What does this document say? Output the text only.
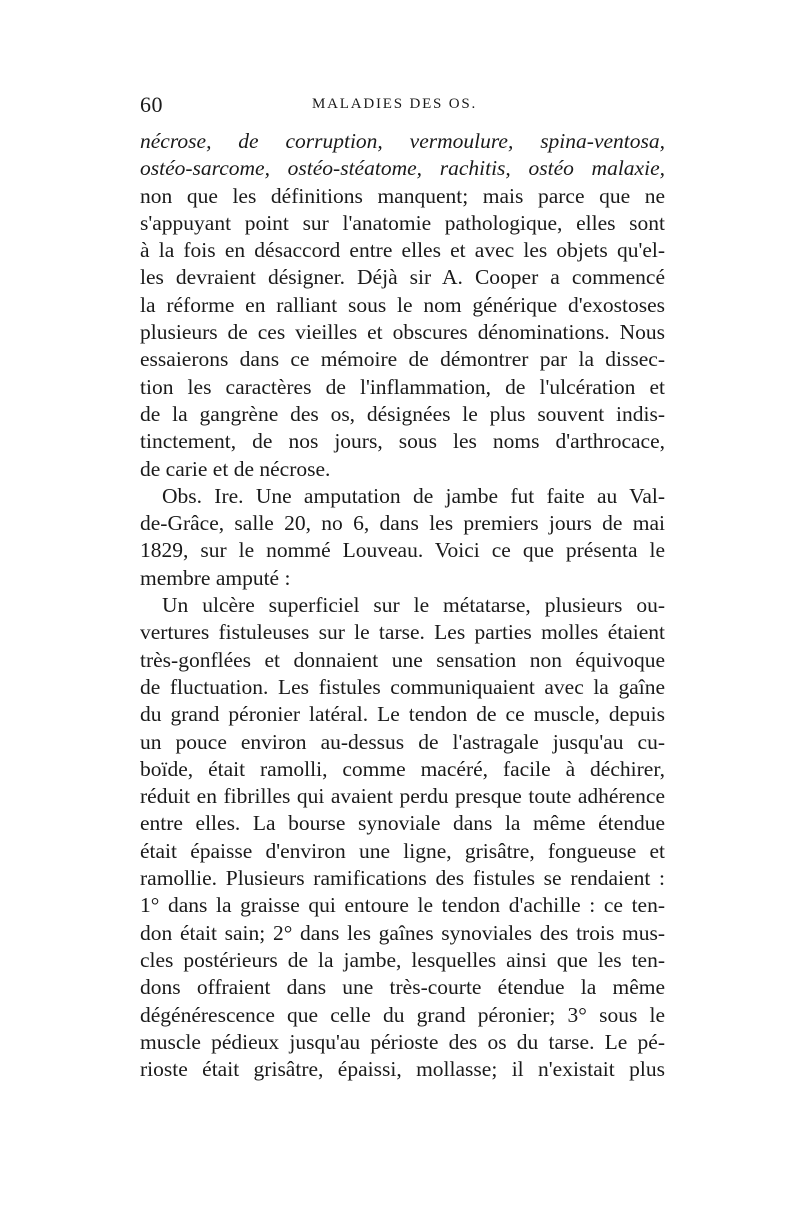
60	MALADIES DES OS.
nécrose, de corruption, vermoulure, spina-ventosa,
ostéo-sarcome, ostéo-stéatome, rachitis, ostéo malaxie,
non que les définitions manquent; mais parce que ne
s'appuyant point sur l'anatomie pathologique, elles sont
à la fois en désaccord entre elles et avec les objets qu'el-
les devraient désigner. Déjà sir A. Cooper a commencé
la réforme en ralliant sous le nom générique d'exostoses
plusieurs de ces vieilles et obscures dénominations. Nous
essaierons dans ce mémoire de démontrer par la dissec-
tion les caractères de l'inflammation, de l'ulcération et
de la gangrène des os, désignées le plus souvent indis-
tinctement, de nos jours, sous les noms d'arthrocace,
de carie et de nécrose.
Obs. Ire. Une amputation de jambe fut faite au Val-
de-Grâce, salle 20, no 6, dans les premiers jours de mai
1829, sur le nommé Louveau. Voici ce que présenta le
membre amputé :
Un ulcère superficiel sur le métatarse, plusieurs ou-
vertures fistuleuses sur le tarse. Les parties molles étaient
très-gonflées et donnaient une sensation non équivoque
de fluctuation. Les fistules communiquaient avec la gaîne
du grand péronier latéral. Le tendon de ce muscle, depuis
un pouce environ au-dessus de l'astragale jusqu'au cu-
boïde, était ramolli, comme macéré, facile à déchirer,
réduit en fibrilles qui avaient perdu presque toute adhérence
entre elles. La bourse synoviale dans la même étendue
était épaisse d'environ une ligne, grisâtre, fongueuse et
ramollie. Plusieurs ramifications des fistules se rendaient :
1° dans la graisse qui entoure le tendon d'achille : ce ten-
don était sain; 2° dans les gaînes synoviales des trois mus-
cles postérieurs de la jambe, lesquelles ainsi que les ten-
dons offraient dans une très-courte étendue la même
dégénérescence que celle du grand péronier; 3° sous le
muscle pédieux jusqu'au périoste des os du tarse. Le pé-
rioste était grisâtre, épaissi, mollasse; il n'existait plus
